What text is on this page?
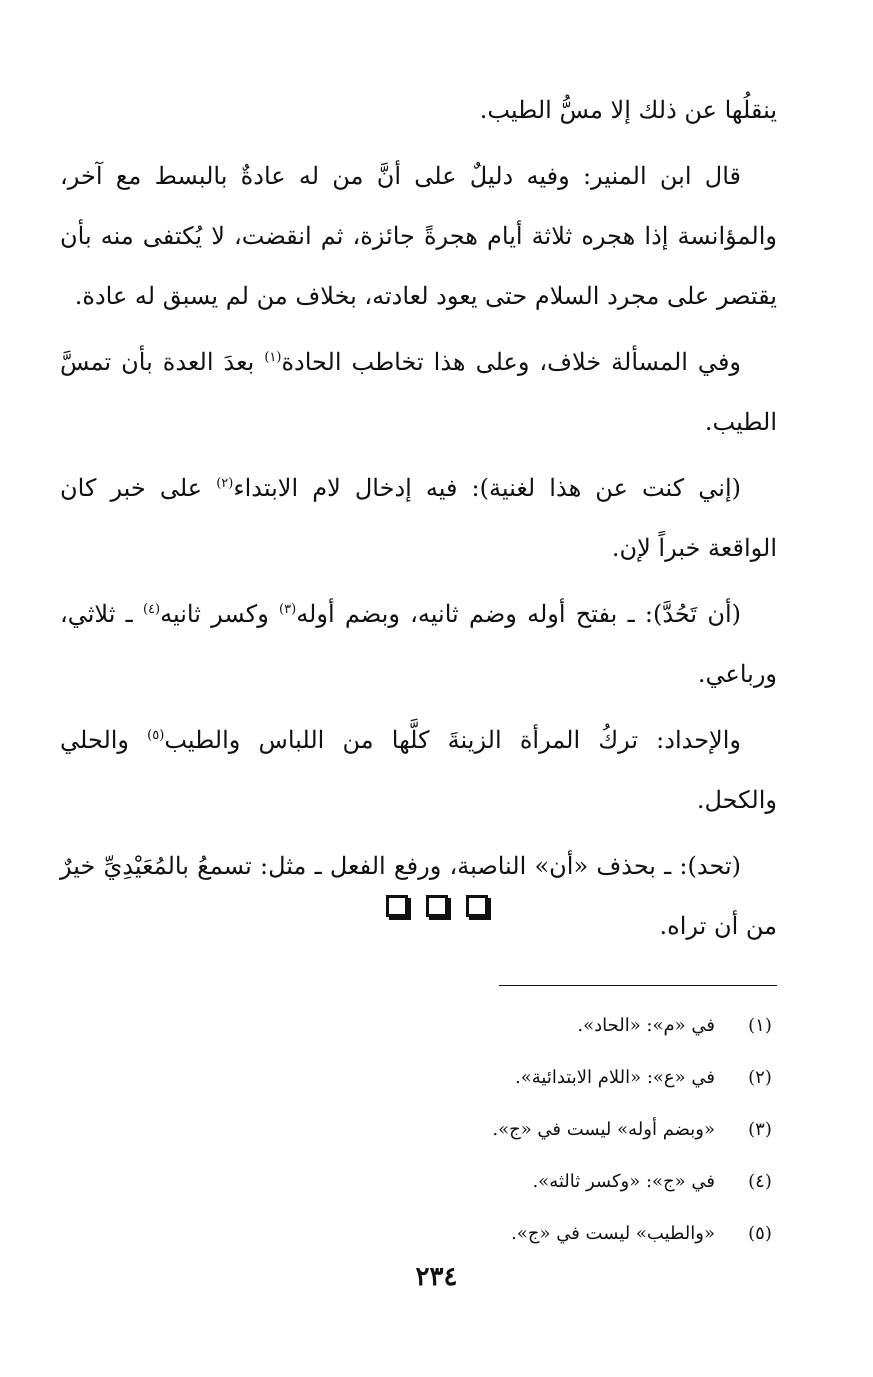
ينقلُها عن ذلك إلا مسُّ الطيب.

قال ابن المنير: وفيه دليلٌ على أنَّ من له عادةٌ بالبسط مع آخر، والمؤانسة إذا هجره ثلاثة أيام هجرةً جائزة، ثم انقضت، لا يُكتفى منه بأن يقتصر على مجرد السلام حتى يعود لعادته، بخلاف من لم يسبق له عادة.

وفي المسألة خلاف، وعلى هذا تخاطب الحادة$^{(١)}$ بعدَ العدة بأن تمسَّ الطيب.

(إني كنت عن هذا لغنية): فيه إدخال لام الابتداء$^{(٢)}$ على خبر كان الواقعة خبراً لإن.

(أن تَحُدَّ): ـ بفتح أوله وضم ثانيه، وبضم أوله$^{(٣)}$ وكسر ثانيه$^{(٤)}$ ـ ثلاثي، ورباعي.

والإحداد: تركُ المرأة الزينةَ كلَّها من اللباس والطيب$^{(٥)}$ والحلي والكحل.

(تحد): ـ بحذف «أن» الناصبة، ورفع الفعل ـ مثل: تسمعُ بالمُعَيْدِيِّ خيرٌ من أن تراه.

(١)
في «م»: «الحاد».

(٢)
في «ع»: «اللام الابتدائية».

(٣)
«وبضم أوله» ليست في «ج».

(٤)
في «ج»: «وكسر ثالثه».

(٥)
«والطيب» ليست في «ج».

٢٣٤
